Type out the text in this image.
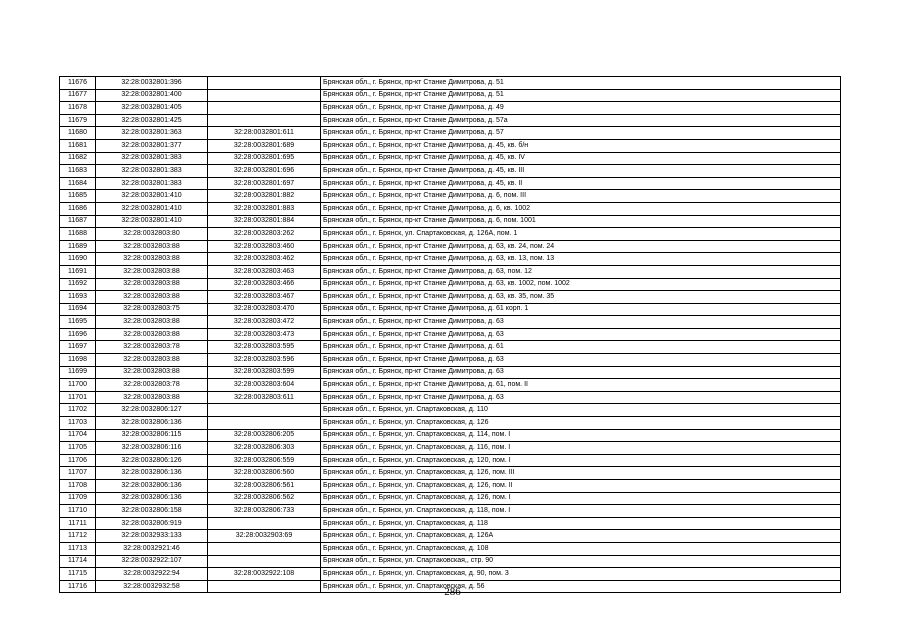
11676	32:28:0032801:396		Брянская обл., г. Брянск, пр-кт Станке Димитрова, д. 51
11677	32:28:0032801:400		Брянская обл., г. Брянск, пр-кт Станке Димитрова, д. 51
11678	32:28:0032801:405		Брянская обл., г. Брянск, пр-кт Станке Димитрова, д. 49
11679	32:28:0032801:425		Брянская обл., г. Брянск, пр-кт Станке Димитрова, д. 57а
11680	32:28:0032801:363	32:28:0032801:611	Брянская обл., г. Брянск, пр-кт Станке Димитрова, д. 57
11681	32:28:0032801:377	32:28:0032801:689	Брянская обл., г. Брянск, пр-кт Станке Димитрова, д. 45, кв. б/н
11682	32:28:0032801:383	32:28:0032801:695	Брянская обл., г. Брянск, пр-кт Станке Димитрова, д. 45, кв. IV
11683	32:28:0032801:383	32:28:0032801:696	Брянская обл., г. Брянск, пр-кт Станке Димитрова, д. 45, кв. III
11684	32:28:0032801:383	32:28:0032801:697	Брянская обл., г. Брянск, пр-кт Станке Димитрова, д. 45, кв. II
11685	32:28:0032801:410	32:28:0032801:882	Брянская обл., г. Брянск, пр-кт Станке Димитрова, д. 6, пом. III
11686	32:28:0032801:410	32:28:0032801:883	Брянская обл., г. Брянск, пр-кт Станке Димитрова, д. 6, кв. 1002
11687	32:28:0032801:410	32:28:0032801:884	Брянская обл., г. Брянск, пр-кт Станке Димитрова, д. 6, пом. 1001
11688	32:28:0032803:80	32:28:0032803:262	Брянская обл., г. Брянск, ул. Спартаковская, д. 126А, пом. 1
11689	32:28:0032803:88	32:28:0032803:460	Брянская обл., г. Брянск, пр-кт Станке Димитрова, д. 63, кв. 24, пом. 24
11690	32:28:0032803:88	32:28:0032803:462	Брянская обл., г. Брянск, пр-кт Станке Димитрова, д. 63, кв. 13, пом. 13
11691	32:28:0032803:88	32:28:0032803:463	Брянская обл., г. Брянск, пр-кт Станке Димитрова, д. 63, пом. 12
11692	32:28:0032803:88	32:28:0032803:466	Брянская обл., г. Брянск, пр-кт Станке Димитрова, д. 63, кв. 1002, пом. 1002
11693	32:28:0032803:88	32:28:0032803:467	Брянская обл., г. Брянск, пр-кт Станке Димитрова, д. 63, кв. 35, пом. 35
11694	32:28:0032803:75	32:28:0032803:470	Брянская обл., г. Брянск, пр-кт Станке Димитрова, д. 61 корп. 1
11695	32:28:0032803:88	32:28:0032803:472	Брянская обл., г. Брянск, пр-кт Станке Димитрова, д. 63
11696	32:28:0032803:88	32:28:0032803:473	Брянская обл., г. Брянск, пр-кт Станке Димитрова, д. 63
11697	32:28:0032803:78	32:28:0032803:595	Брянская обл., г. Брянск, пр-кт Станке Димитрова, д. 61
11698	32:28:0032803:88	32:28:0032803:596	Брянская обл., г. Брянск, пр-кт Станке Димитрова, д. 63
11699	32:28:0032803:88	32:28:0032803:599	Брянская обл., г. Брянск, пр-кт Станке Димитрова, д. 63
11700	32:28:0032803:78	32:28:0032803:604	Брянская обл., г. Брянск, пр-кт Станке Димитрова, д. 61, пом. II
11701	32:28:0032803:88	32:28:0032803:611	Брянская обл., г. Брянск, пр-кт Станке Димитрова, д. 63
11702	32:28:0032806:127		Брянская обл., г. Брянск, ул. Спартаковская, д. 110
11703	32:28:0032806:136		Брянская обл., г. Брянск, ул. Спартаковская, д. 126
11704	32:28:0032806:115	32:28:0032806:205	Брянская обл., г. Брянск, ул. Спартаковская, д. 114, пом. I
11705	32:28:0032806:116	32:28:0032806:303	Брянская обл., г. Брянск, ул. Спартаковская, д. 116, пом. I
11706	32:28:0032806:126	32:28:0032806:559	Брянская обл., г. Брянск, ул. Спартаковская, д. 120, пом. I
11707	32:28:0032806:136	32:28:0032806:560	Брянская обл., г. Брянск, ул. Спартаковская, д. 126, пом. III
11708	32:28:0032806:136	32:28:0032806:561	Брянская обл., г. Брянск, ул. Спартаковская, д. 126, пом. II
11709	32:28:0032806:136	32:28:0032806:562	Брянская обл., г. Брянск, ул. Спартаковская, д. 126, пом. I
11710	32:28:0032806:158	32:28:0032806:733	Брянская обл., г. Брянск, ул. Спартаковская, д. 118, пом. I
11711	32:28:0032806:919		Брянская обл., г. Брянск, ул. Спартаковская, д. 118
11712	32:28:0032933:133	32:28:0032903:69	Брянская обл., г. Брянск, ул. Спартаковская, д. 126А
11713	32:28:0032921:46		Брянская обл., г. Брянск, ул. Спартаковская, д. 108
11714	32:28:0032922:107		Брянская обл., г. Брянск, ул. Спартаковская,, стр. 90
11715	32:28:0032922:94	32:28:0032922:108	Брянская обл., г. Брянск, ул. Спартаковская, д. 90, пом. 3
11716	32:28:0032932:58		Брянская обл., г. Брянск, ул. Спартаковская, д. 56
286
